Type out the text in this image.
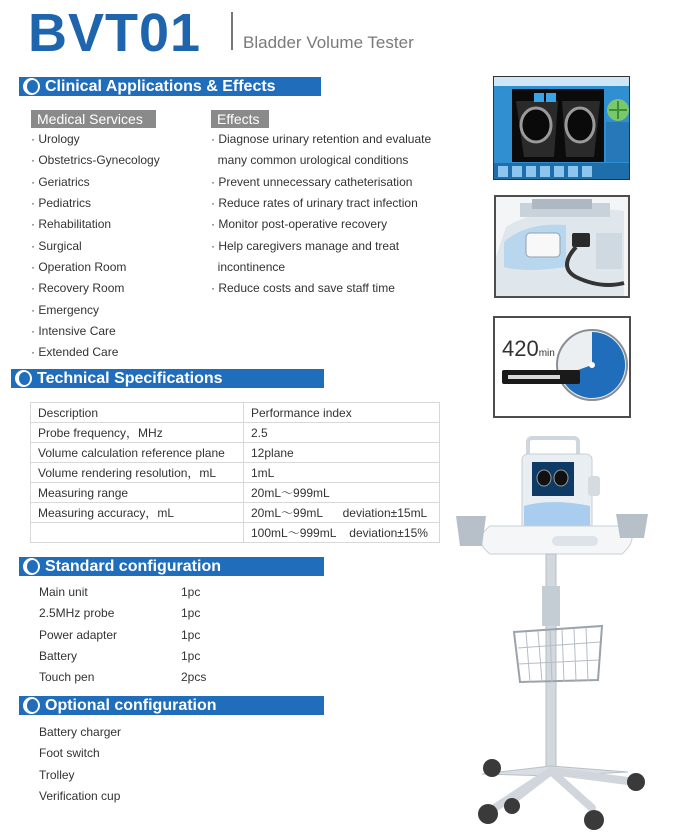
BVT01 Bladder Volume Tester
Clinical Applications & Effects
Medical Services	Effects
· Urology
· Obstetrics-Gynecology
· Geriatrics
· Pediatrics
· Rehabilitation
· Surgical
· Operation Room
· Recovery Room
· Emergency
· Intensive Care
· Extended Care
· Diagnose urinary retention and evaluate
many common urological conditions
· Prevent unnecessary catheterisation
· Reduce rates of urinary tract infection
· Monitor post-operative recovery
· Help caregivers manage and treat
incontinence
· Reduce costs and save staff time
Technical Specifications
Description	Performance index
Probe frequency，MHz	2.5
Volume calculation reference plane	12plane
Volume rendering resolution，mL	1mL
Measuring range	20mL～999mL
Measuring accuracy，mL	20mL～99mL      deviation±15mL
	100mL～999mL    deviation±15%
Standard configuration
Main unit	1pc
2.5MHz probe	1pc
Power adapter	1pc
Battery	1pc
Touch pen	2pcs
Optional configuration
Battery charger
Foot switch
Trolley
Verification cup
420min
